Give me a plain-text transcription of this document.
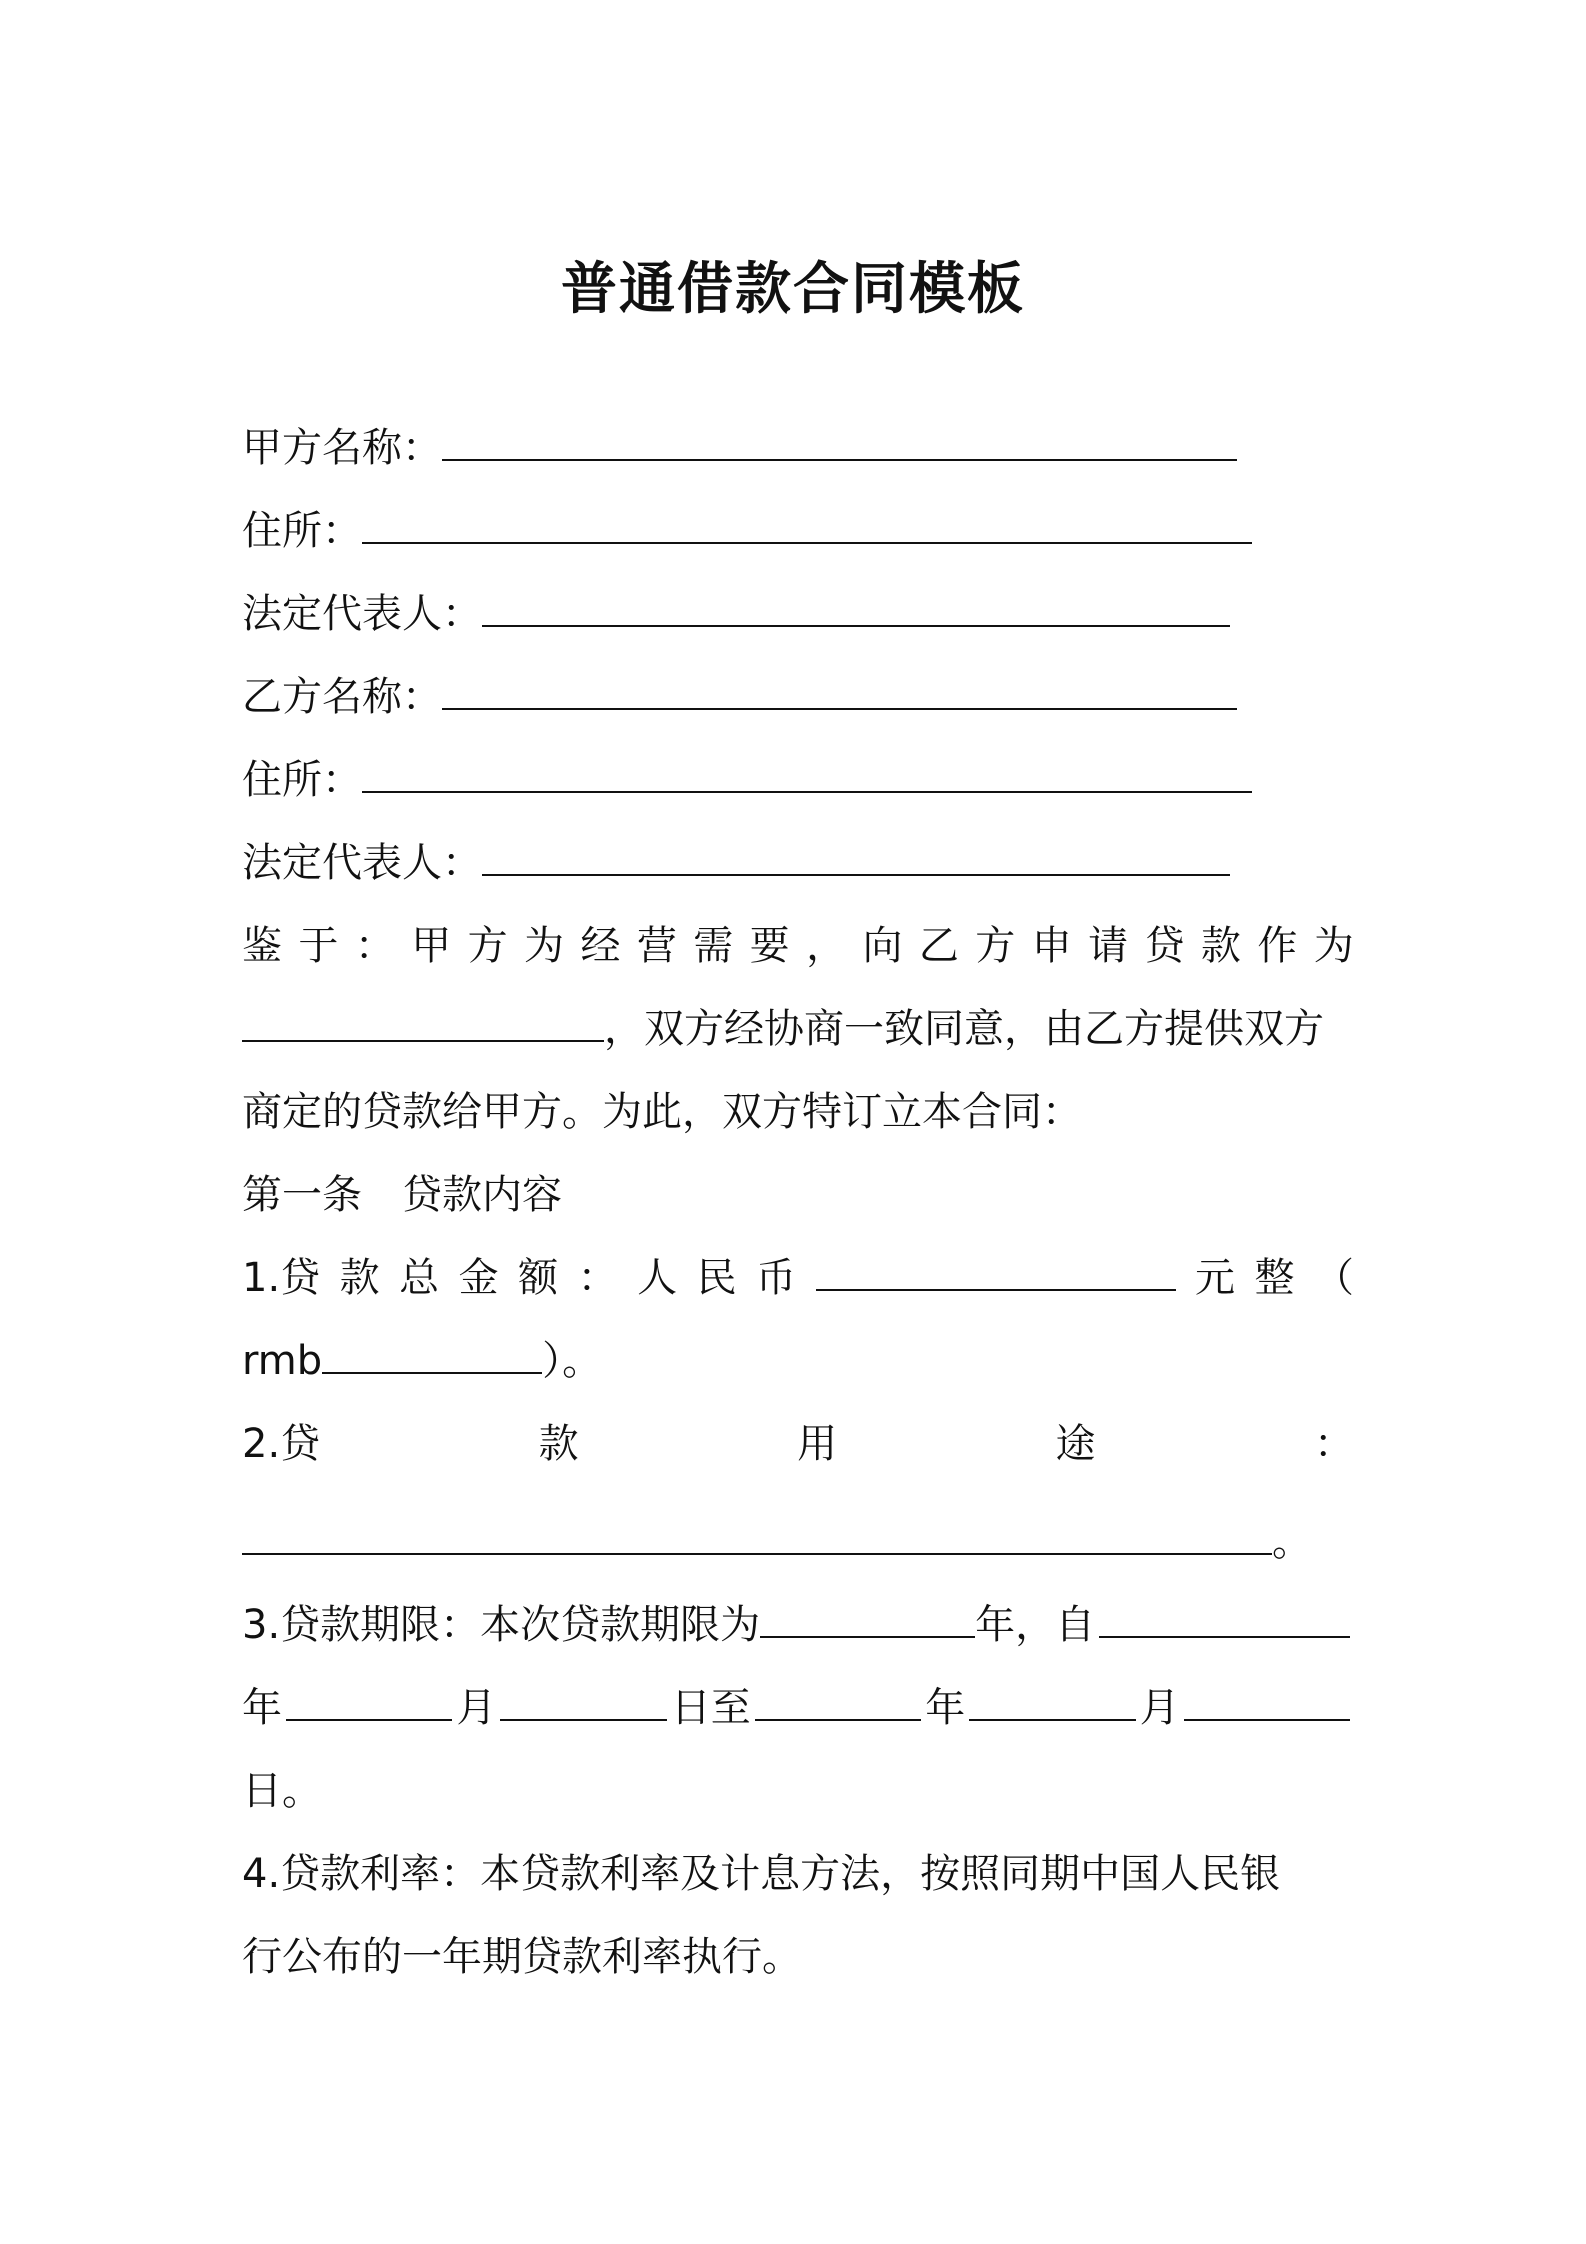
普通借款合同模板
甲方名称：
住所：
法定代表人：
乙方名称：
住所：
法定代表人：
鉴 于 ： 甲 方 为 经 营 需 要 ， 向 乙 方 申 请 贷 款 作 为
，双方经协商一致同意，由乙方提供双方
商定的贷款给甲方。为此，双方特订立本合同：
第一条　贷款内容
1.贷 款 总 金 额 ： 人 民 币	元 整 （
rmb	）。
2.贷	款	用	途	：
。
3.贷款期限：本次贷款期限为	年，自
年	月	日至	年	月
日。
4.贷款利率：本贷款利率及计息方法，按照同期中国人民银
行公布的一年期贷款利率执行。
